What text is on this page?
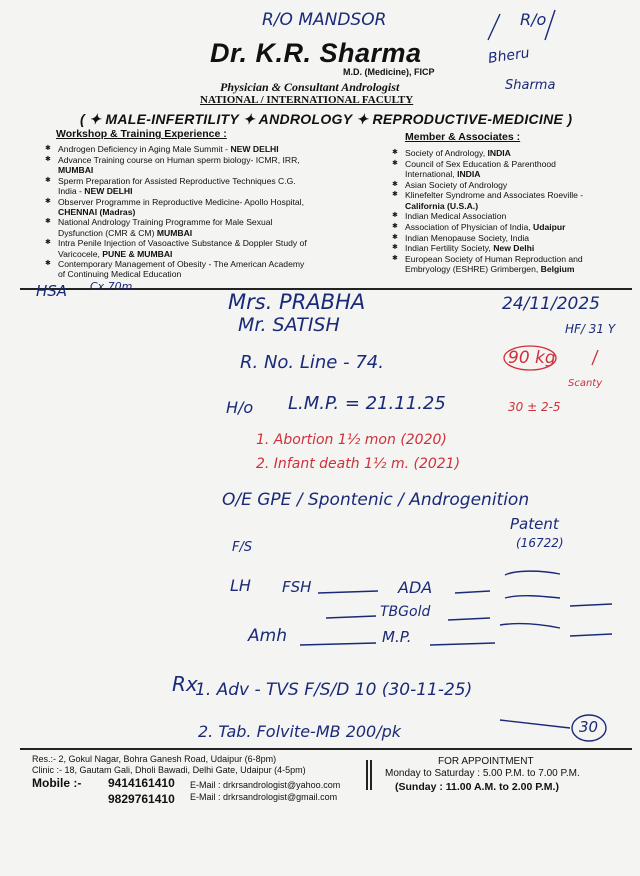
Dr. K.R. Sharma
M.D. (Medicine), FICP
Physician & Consultant Andrologist
NATIONAL / INTERNATIONAL FACULTY
( ✦ MALE-INFERTILITY ✦ ANDROLOGY ✦ REPRODUCTIVE-MEDICINE )
Workshop & Training Experience :
✱ Androgen Deficiency in Aging Male Summit - NEW DELHI
✱ Advance Training course on Human sperm biology- ICMR, IRR, MUMBAI
✱ Sperm Preparation for Assisted Reproductive Techniques C.G. India - NEW DELHI
✱ Observer Programme in Reproductive Medicine- Apollo Hospital, CHENNAI (Madras)
✱ National Andrology Training Programme for Male Sexual Dysfunction (CMR & CM) MUMBAI
✱ Intra Penile Injection of Vasoactive Substance & Doppler Study of Varicocele, PUNE & MUMBAI
✱ Contemporary Management of Obesity - The American Academy of Continuing Medical Education
Member & Associates :
✱ Society of Andrology, INDIA
✱ Council of Sex Education & Parenthood International, INDIA
✱ Asian Society of Andrology
✱ Klinefelter Syndrome and Associates Roeville - California (U.S.A.)
✱ Indian Medical Association
✱ Association of Physician of India, Udaipur
✱ Indian Menopause Society, India
✱ Indian Fertility Society, New Delhi
✱ European Society of Human Reproduction and Embryology (ESHRE) Grimbergen, Belgium
R/O MANDSOR	R/o
Bheru
Sharma
HSA Cx 70m
Mrs. PRABHA
Mr. SATISH
24/11/2025
HF/ 31 Y
R. No. Line - 74.	90 kg
Scanty
H/o L.M.P. = 21.11.25	30 ± 2-5
1. Abortion 1½ mon (2020)
2. Infant death 1½ m. (2021)
O/E GPE / Spontenic / Androgenition
Patent
(16722)
F/S
LH FSH
Amh
ADA
TBGold
M.P.
Rx
1. Adv - TVS F/S/D 10 (30-11-25)
2. Tab. Folvite-MB 200/pk	30
Res.:- 2, Gokul Nagar, Bohra Ganesh Road, Udaipur (6-8pm)
Clinic :- 18, Gautam Gali, Dholi Bawadi, Delhi Gate, Udaipur (4-5pm)
Mobile :- 9414161410
9829761410
E-Mail : drkrsandrologist@yahoo.com
E-Mail : drkrsandrologist@gmail.com
FOR APPOINTMENT
Monday to Saturday : 5.00 P.M. to 7.00 P.M.
(Sunday : 11.00 A.M. to 2.00 P.M.)
